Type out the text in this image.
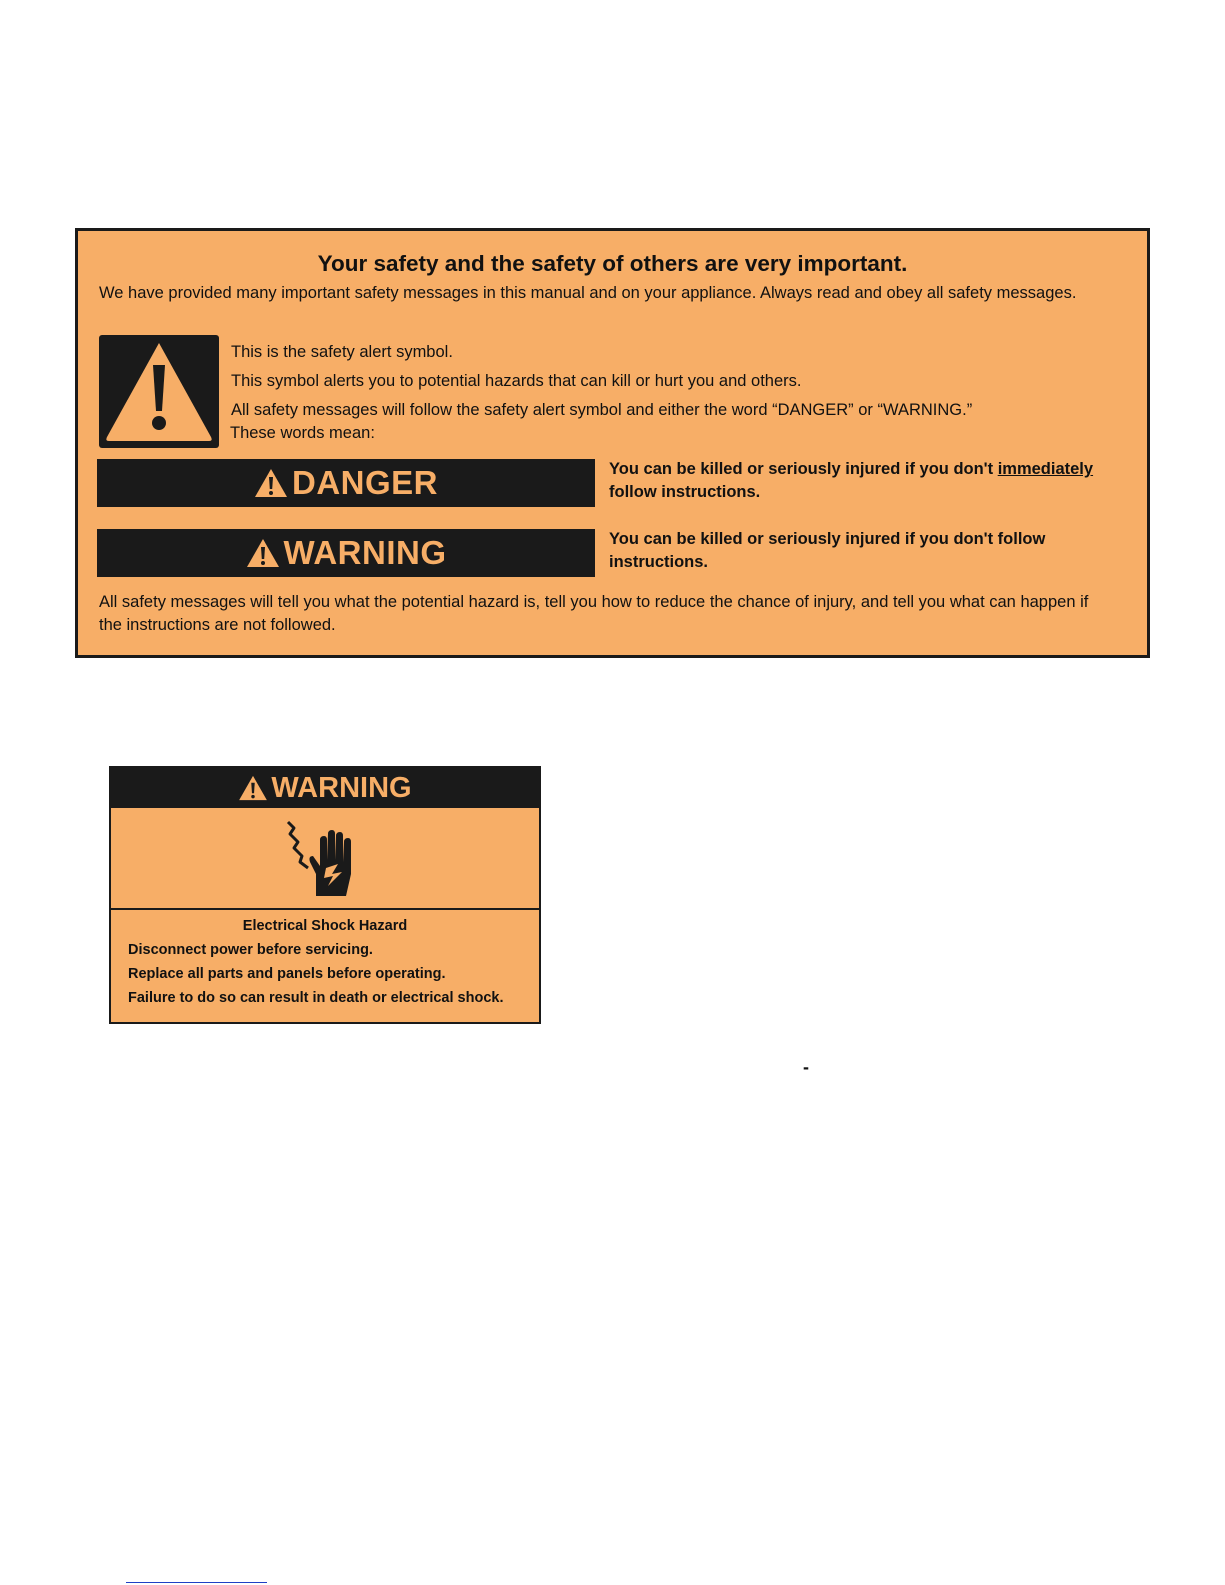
Your safety and the safety of others are very important.
We have provided many important safety messages in this manual and on your appliance. Always read and obey all safety messages.
This is the safety alert symbol.
This symbol alerts you to potential hazards that can kill or hurt you and others.
All safety messages will follow the safety alert symbol and either the word “DANGER” or “WARNING.”
These words mean:
DANGER	You can be killed or seriously injured if you don't immediately follow instructions.
WARNING	You can be killed or seriously injured if you don't follow instructions.
All safety messages will tell you what the potential hazard is, tell you how to reduce the chance of injury, and tell you what can happen if the instructions are not followed.
WARNING
Electrical Shock Hazard
Disconnect power before servicing.
Replace all parts and panels before operating.
Failure to do so can result in death or electrical shock.
-
